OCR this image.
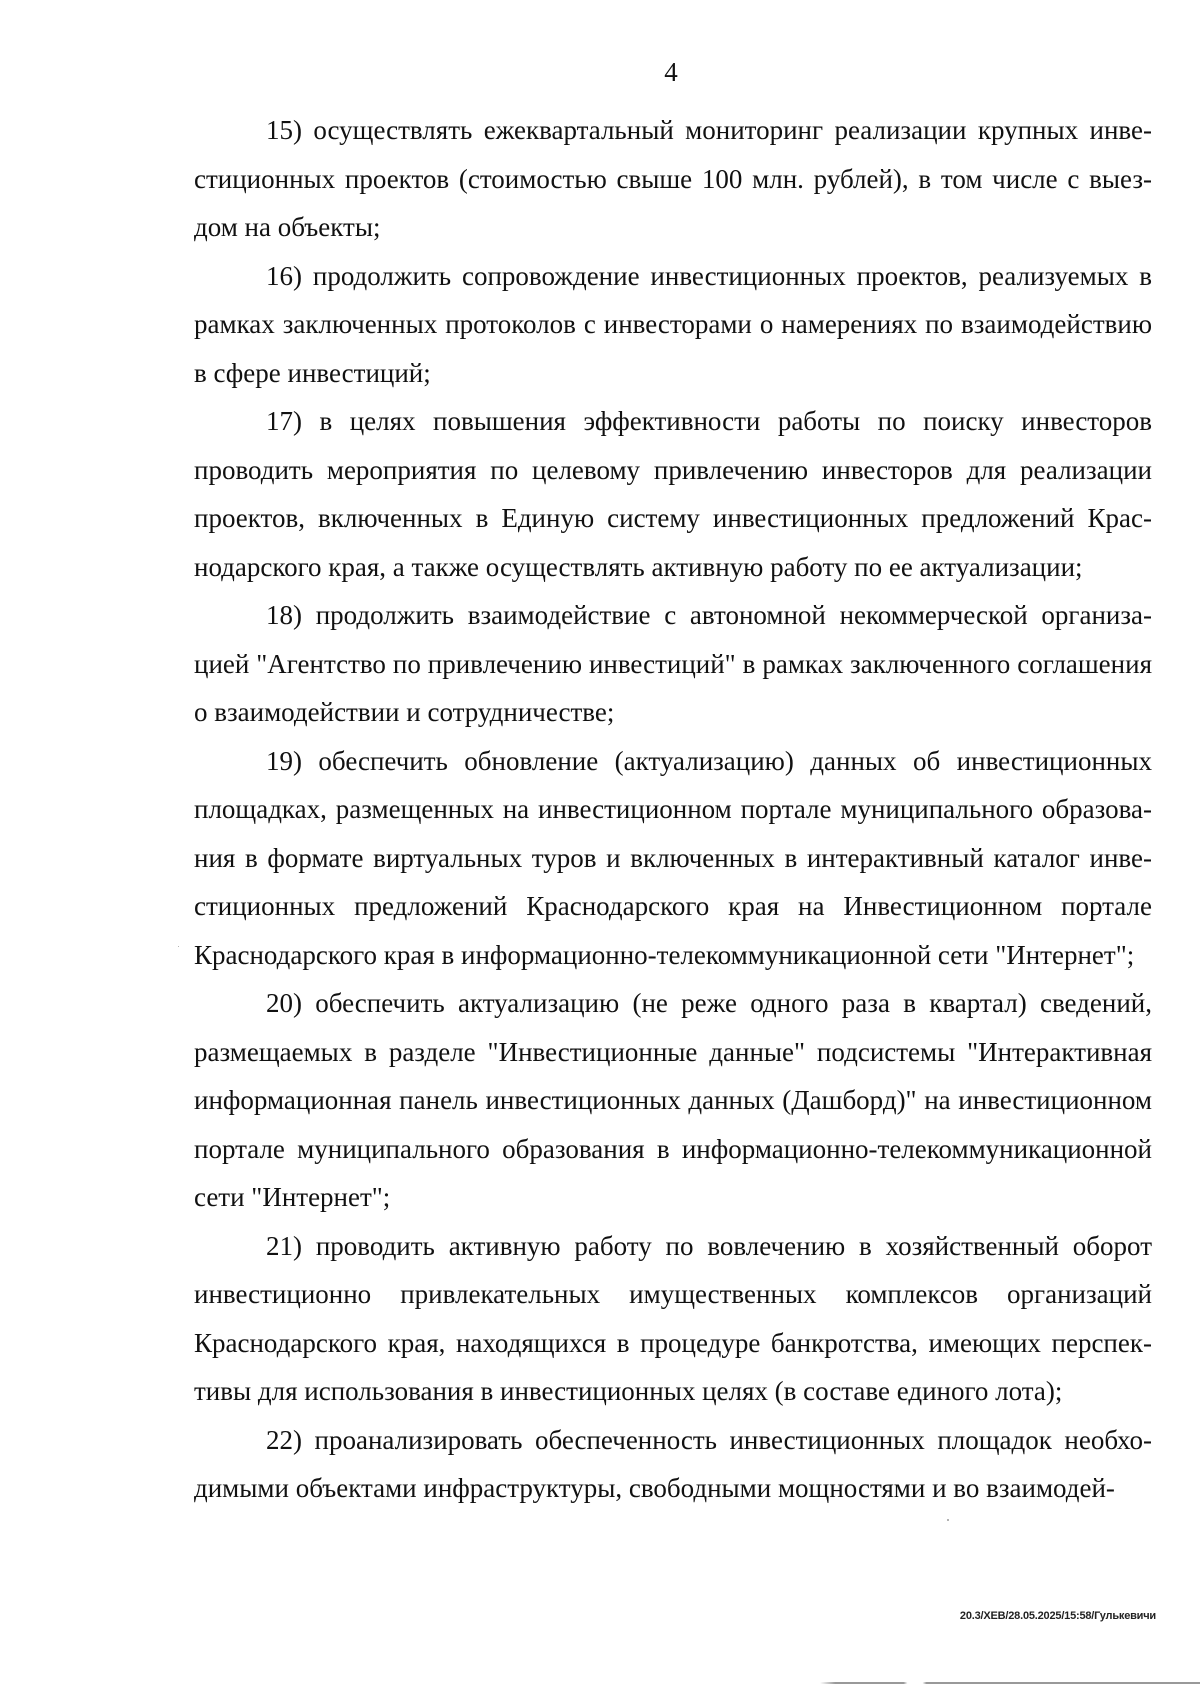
4

15) осуществлять ежеквартальный мониторинг реализации крупных инвестиционных проектов (стоимостью свыше 100 млн. рублей), в том числе с выездом на объекты;

16) продолжить сопровождение инвестиционных проектов, реализуемых в рамках заключенных протоколов с инвесторами о намерениях по взаимодействию в сфере инвестиций;

17) в целях повышения эффективности работы по поиску инвесторов проводить мероприятия по целевому привлечению инвесторов для реализации проектов, включенных в Единую систему инвестиционных предложений Краснодарского края, а также осуществлять активную работу по ее актуализации;

18) продолжить взаимодействие с автономной некоммерческой организацией "Агентство по привлечению инвестиций" в рамках заключенного соглашения о взаимодействии и сотрудничестве;

19) обеспечить обновление (актуализацию) данных об инвестиционных площадках, размещенных на инвестиционном портале муниципального образования в формате виртуальных туров и включенных в интерактивный каталог инвестиционных предложений Краснодарского края на Инвестиционном портале Краснодарского края в информационно-телекоммуникационной сети "Интернет";

20) обеспечить актуализацию (не реже одного раза в квартал) сведений, размещаемых в разделе "Инвестиционные данные" подсистемы "Интерактивная информационная панель инвестиционных данных (Дашборд)" на инвестиционном портале муниципального образования в информационно-телекоммуникационной сети "Интернет";

21) проводить активную работу по вовлечению в хозяйственный оборот инвестиционно привлекательных имущественных комплексов организаций Краснодарского края, находящихся в процедуре банкротства, имеющих перспективы для использования в инвестиционных целях (в составе единого лота);

22) проанализировать обеспеченность инвестиционных площадок необходимыми объектами инфраструктуры, свободными мощностями и во взаимодей-

20.3/ХЕВ/28.05.2025/15:58/Гулькевичи
